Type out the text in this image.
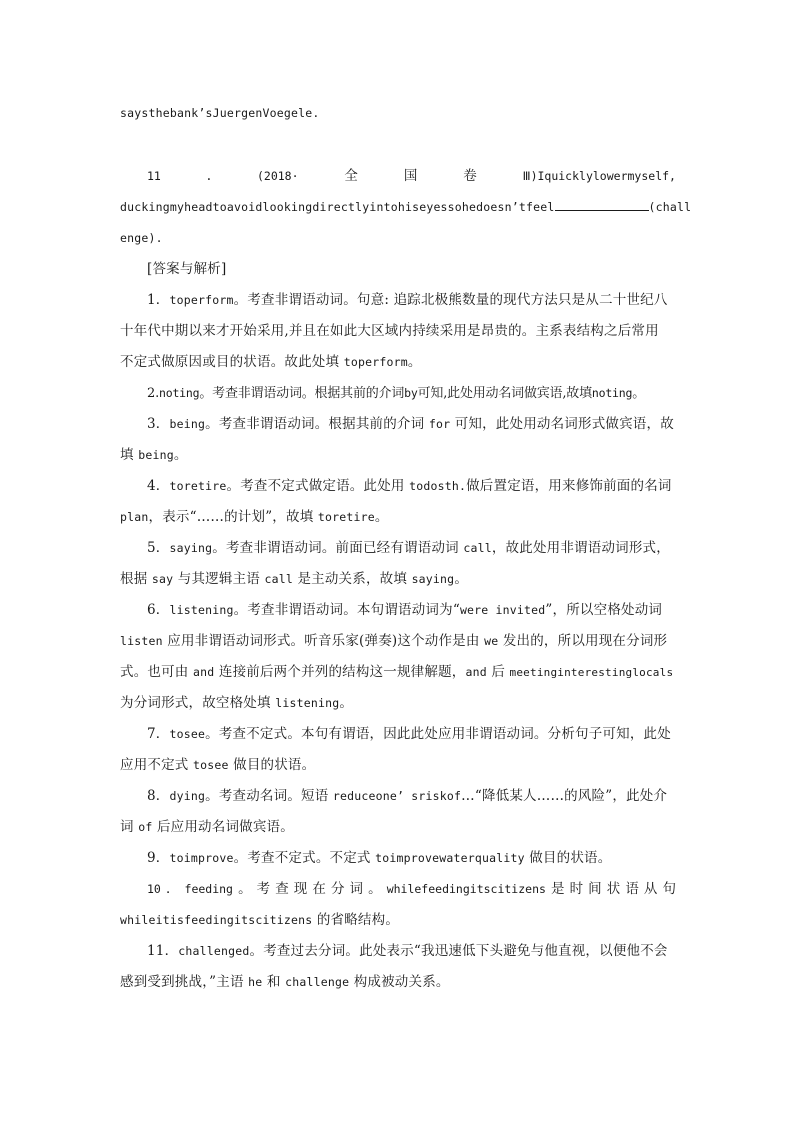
saysthebank’sJuergenVoegele.
11	.	(2018·	全	国	卷	Ⅲ)Iquicklylowermyself,
duckingmyheadtoavoidlookingdirectlyintohiseyessohedoesn’tfeel	(chall
enge).
[答案与解析]
1．toperform。考查非谓语动词。句意: 追踪北极熊数量的现代方法只是从二十世纪八
十年代中期以来才开始采用,并且在如此大区域内持续采用是昂贵的。主系表结构之后常用
不定式做原因或目的状语。故此处填 toperform。
2.noting。考查非谓语动词。根据其前的介词by可知,此处用动名词做宾语,故填noting。
3．being。考查非谓语动词。根据其前的介词 for 可知，此处用动名词形式做宾语，故
填 being。
4．toretire。考查不定式做定语。此处用 todosth.做后置定语，用来修饰前面的名词
plan，表示“……的计划”，故填 toretire。
5．saying。考查非谓语动词。前面已经有谓语动词 call，故此处用非谓语动词形式，
根据 say 与其逻辑主语 call 是主动关系，故填 saying。
6．listening。考查非谓语动词。本句谓语动词为“were invited”，所以空格处动词
listen 应用非谓语动词形式。听音乐家(弹奏)这个动作是由 we 发出的，所以用现在分词形
式。也可由 and 连接前后两个并列的结构这一规律解题，and 后 meetinginterestinglocals
为分词形式，故空格处填 listening。
7．tosee。考查不定式。本句有谓语，因此此处应用非谓语动词。分析句子可知，此处
应用不定式 tosee 做目的状语。
8．dying。考查动名词。短语 reduceone’ sriskof…“降低某人……的风险”，此处介
词 of 后应用动名词做宾语。
9．toimprove。考查不定式。不定式 toimprovewaterquality 做目的状语。
10 ． feeding 。 考 查 现 在 分 词 。 whilefeedingitscitizens 是 时 间 状 语 从 句
whileitisfeedingitscitizens 的省略结构。
11．challenged。考查过去分词。此处表示“我迅速低下头避免与他直视，以便他不会
感到受到挑战，”主语 he 和 challenge 构成被动关系。
